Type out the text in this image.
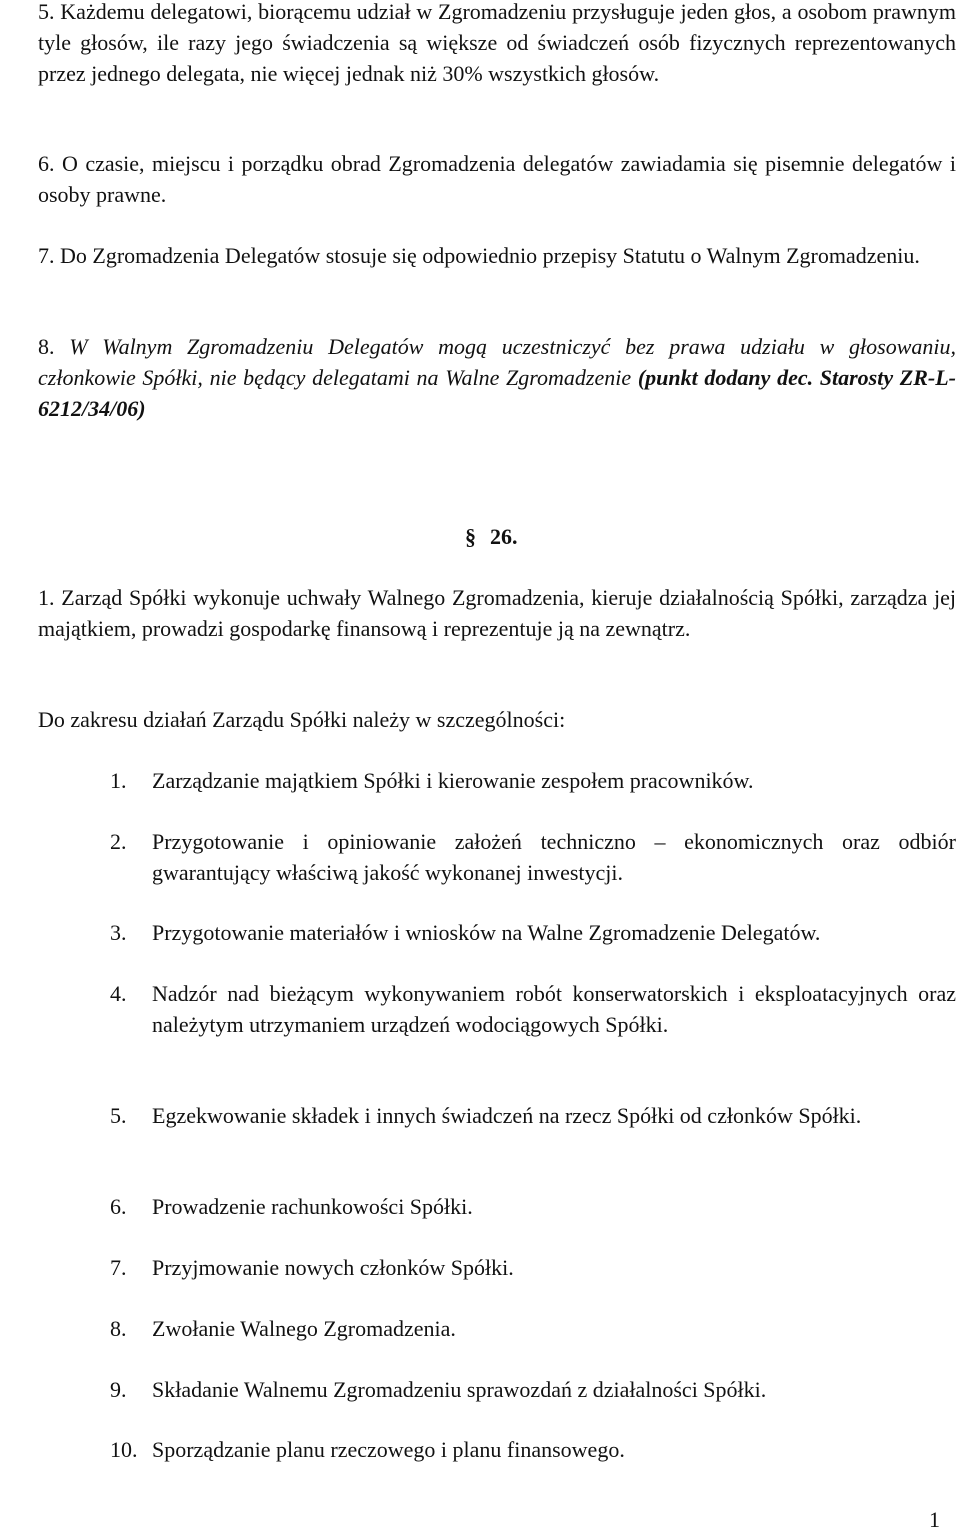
5. Każdemu delegatowi, biorącemu udział w Zgromadzeniu przysługuje jeden głos, a osobom prawnym tyle głosów, ile razy jego świadczenia są większe od świadczeń osób fizycznych reprezentowanych przez jednego delegata, nie więcej jednak niż 30% wszystkich głosów.

6. O czasie, miejscu i porządku obrad Zgromadzenia delegatów zawiadamia się pisemnie delegatów i osoby prawne.

7. Do Zgromadzenia Delegatów stosuje się odpowiednio przepisy Statutu o Walnym Zgromadzeniu.

8. W Walnym Zgromadzeniu Delegatów mogą uczestniczyć bez prawa udziału w głosowaniu, członkowie Spółki, nie będący delegatami na Walne Zgromadzenie (punkt dodany dec. Starosty ZR-L-6212/34/06)

§ 26.

1. Zarząd Spółki wykonuje uchwały Walnego Zgromadzenia, kieruje działalnością Spółki, zarządza jej majątkiem, prowadzi gospodarkę finansową i reprezentuje ją na zewnątrz.

Do zakresu działań Zarządu Spółki należy w szczególności:

1.	Zarządzanie majątkiem Spółki i kierowanie zespołem pracowników.
2.	Przygotowanie i opiniowanie założeń techniczno – ekonomicznych oraz odbiór gwarantujący właściwą jakość wykonanej inwestycji.
3.	Przygotowanie materiałów i wniosków na Walne Zgromadzenie Delegatów.
4.	Nadzór nad bieżącym wykonywaniem robót konserwatorskich i eksploatacyjnych oraz należytym utrzymaniem urządzeń wodociągowych Spółki.
5.	Egzekwowanie składek i innych świadczeń na rzecz Spółki od członków Spółki.
6.	Prowadzenie rachunkowości Spółki.
7.	Przyjmowanie nowych członków Spółki.
8.	Zwołanie Walnego Zgromadzenia.
9.	Składanie Walnemu Zgromadzeniu sprawozdań z działalności Spółki.
10. Sporządzanie planu rzeczowego i planu finansowego.
1
